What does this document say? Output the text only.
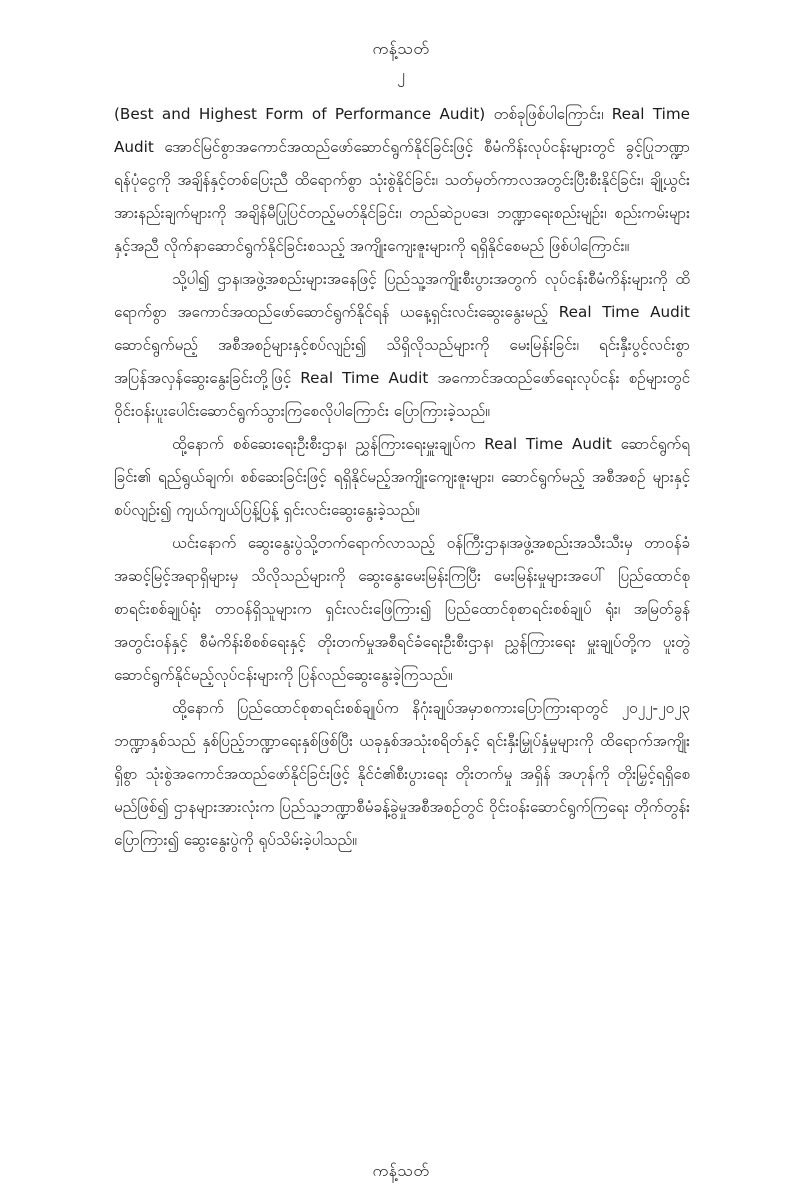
ကန့်သတ်
၂

(Best and Highest Form of Performance Audit) တစ်ခုဖြစ်ပါကြောင်း၊ Real Time Audit အောင်မြင်စွာအကောင်အထည်ဖော်ဆောင်ရွက်နိုင်ခြင်းဖြင့် စီမံကိန်းလုပ်ငန်းများတွင် ခွင့်ပြုဘဏ္ဍာ ရန်ပုံငွေကို အချိန်နှင့်တစ်ပြေးညီ ထိရောက်စွာ သုံးစွဲနိုင်ခြင်း၊ သတ်မှတ်ကာလအတွင်းပြီးစီးနိုင်ခြင်း၊ ချို့ယွင်းအားနည်းချက်များကို အချိန်မီပြုပြင်တည့်မတ်နိုင်ခြင်း၊ တည်ဆဲဥပဒေ၊ ဘဏ္ဍာရေးစည်းမျဉ်း၊ စည်းကမ်းများနှင့်အညီ လိုက်နာဆောင်ရွက်နိုင်ခြင်းစသည့် အကျိုးကျေးဇူးများကို ရရှိနိုင်စေမည် ဖြစ်ပါကြောင်း။

သို့ပါ၍ ဌာန၊အဖွဲ့အစည်းများအနေဖြင့် ပြည်သူ့အကျိုးစီးပွားအတွက် လုပ်ငန်းစီမံကိန်းများကို ထိရောက်စွာ အကောင်အထည်ဖော်ဆောင်ရွက်နိုင်ရန် ယနေ့ရှင်းလင်းဆွေးနွေးမည့် Real Time Audit ဆောင်ရွက်မည့် အစီအစဉ်များနှင့်စပ်လျဉ်း၍ သိရှိလိုသည်များကို မေးမြန်းခြင်း၊ ရင်းနှီးပွင့်လင်းစွာ အပြန်အလှန်ဆွေးနွေးခြင်းတို့ဖြင့် Real Time Audit အကောင်အထည်ဖော်ရေးလုပ်ငန်း စဉ်များတွင် ဝိုင်းဝန်းပူးပေါင်းဆောင်ရွက်သွားကြစေလိုပါကြောင်း ပြောကြားခဲ့သည်။

ထို့နောက် စစ်ဆေးရေးဦးစီးဌာန၊ ညွှန်ကြားရေးမှူးချုပ်က Real Time Audit ဆောင်ရွက်ရ ခြင်း၏ ရည်ရွယ်ချက်၊ စစ်ဆေးခြင်းဖြင့် ရရှိနိုင်မည့်အကျိုးကျေးဇူးများ၊ ဆောင်ရွက်မည့် အစီအစဉ် များနှင့်စပ်လျဉ်း၍ ကျယ်ကျယ်ပြန့်ပြန့် ရှင်းလင်းဆွေးနွေးခဲ့သည်။

ယင်းနောက် ဆွေးနွေးပွဲသို့တက်ရောက်လာသည့် ဝန်ကြီးဌာန၊အဖွဲ့အစည်းအသီးသီးမှ တာဝန်ခံအဆင့်မြင့်အရာရှိများမှ သိလိုသည်များကို ဆွေးနွေးမေးမြန်းကြပြီး မေးမြန်းမှုများအပေါ် ပြည်ထောင်စုစာရင်းစစ်ချုပ်ရုံး တာဝန်ရှိသူများက ရှင်းလင်းဖြေကြား၍ ပြည်ထောင်စုစာရင်းစစ်ချုပ် ရုံး၊ အမြတ်ခွန်အတွင်းဝန်နှင့် စီမံကိန်းစိစစ်ရေးနှင့် တိုးတက်မှုအစီရင်ခံရေးဦးစီးဌာန၊ ညွှန်ကြားရေး မှူးချုပ်တို့က ပူးတွဲဆောင်ရွက်နိုင်မည့်လုပ်ငန်းများကို ပြန်လည်ဆွေးနွေးခဲ့ကြသည်။

ထို့နောက် ပြည်ထောင်စုစာရင်းစစ်ချုပ်က နိဂုံးချုပ်အမှာစကားပြောကြားရာတွင် ၂၀၂၂-၂၀၂၃ ဘဏ္ဍာနှစ်သည် နှစ်ပြည့်ဘဏ္ဍာရေးနှစ်ဖြစ်ပြီး ယခုနှစ်အသုံးစရိတ်နှင့် ရင်းနှီးမြှုပ်နှံမှုများကို ထိရောက်အကျိုးရှိစွာ သုံးစွဲအကောင်အထည်ဖော်နိုင်ခြင်းဖြင့် နိုင်ငံ၏စီးပွားရေး တိုးတက်မှု အရှိန် အဟုန်ကို တိုးမြှင့်ရရှိစေမည်ဖြစ်၍ ဌာနများအားလုံးက ပြည်သူ့ဘဏ္ဍာစီမံခန့်ခွဲမှုအစီအစဉ်တွင် ဝိုင်းဝန်းဆောင်ရွက်ကြရေး တိုက်တွန်းပြောကြား၍ ဆွေးနွေးပွဲကို ရုပ်သိမ်းခဲ့ပါသည်။

ကန့်သတ်
